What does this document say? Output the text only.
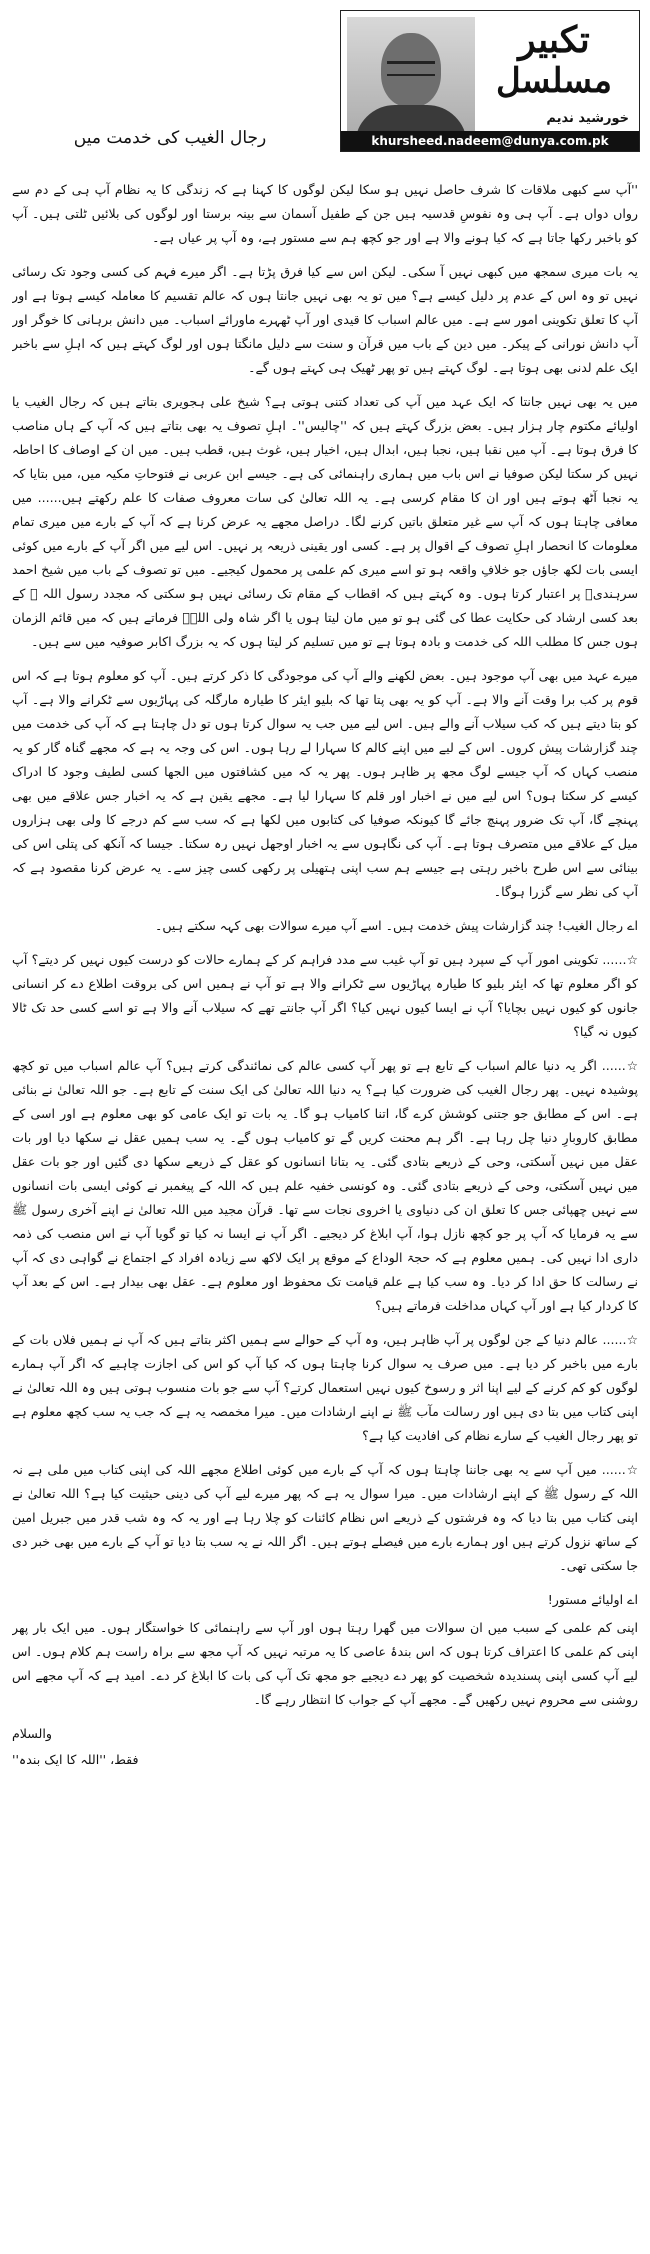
تکبیر
مسلسل
خورشید ندیم
khursheed.nadeem@dunya.com.pk
رجال الغیب کی خدمت میں

''آپ سے کبھی ملاقات کا شرف حاصل نہیں ہو سکا لیکن لوگوں کا کہنا ہے کہ زندگی کا یہ نظام آپ ہی کے دم سے رواں دواں ہے۔ آپ ہی وہ نفوسِ قدسیہ ہیں جن کے طفیل آسمان سے بینہ برستا اور لوگوں کی بلائیں ٹلتی ہیں۔ آپ کو باخبر رکھا جاتا ہے کہ کیا ہونے والا ہے اور جو کچھ ہم سے مستور ہے، وہ آپ پر عیاں ہے۔

یہ بات میری سمجھ میں کبھی نہیں آ سکی۔ لیکن اس سے کیا فرق پڑتا ہے۔ اگر میرے فہم کی کسی وجود تک رسائی نہیں تو وہ اس کے عدم پر دلیل کیسے ہے؟ میں تو یہ بھی نہیں جانتا ہوں کہ عالم تقسیم کا معاملہ کیسے ہوتا ہے اور آپ کا تعلق تکوینی امور سے ہے۔ میں عالم اسباب کا قیدی اور آپ ٹھہرے ماورائے اسباب۔ میں دانش برہانی کا خوگر اور آپ دانش نورانی کے پیکر۔ میں دین کے باب میں قرآن و سنت سے دلیل مانگتا ہوں اور لوگ کہتے ہیں کہ اہلِ سے باخبر ایک علم لدنی بھی ہوتا ہے۔ لوگ کہتے ہیں تو پھر ٹھیک ہی کہتے ہوں گے۔

میں یہ بھی نہیں جانتا کہ ایک عہد میں آپ کی تعداد کتنی ہوتی ہے؟ شیخ علی ہجویری بتاتے ہیں کہ رجال الغیب یا اولیائے مکتوم چار ہزار ہیں۔ بعض بزرگ کہتے ہیں کہ ''چالیس''۔ اہلِ تصوف یہ بھی بتاتے ہیں کہ آپ کے ہاں مناصب کا فرق ہوتا ہے۔ آپ میں نقبا ہیں، نجبا ہیں، ابدال ہیں، اخیار ہیں، غوث ہیں، قطب ہیں۔ میں ان کے اوصاف کا احاطہ نہیں کر سکتا لیکن صوفیا نے اس باب میں ہماری راہنمائی کی ہے۔ جیسے ابن عربی نے فتوحاتِ مکیہ میں، میں بتایا کہ یہ نجبا آٹھ ہوتے ہیں اور ان کا مقام کرسی ہے۔ یہ اللہ تعالیٰ کی سات معروف صفات کا علم رکھتے ہیں...... میں معافی چاہتا ہوں کہ آپ سے غیر متعلق باتیں کرنے لگا۔ دراصل مجھے یہ عرض کرنا ہے کہ آپ کے بارے میں میری تمام معلومات کا انحصار اہلِ تصوف کے اقوال پر ہے۔ کسی اور یقینی ذریعہ پر نہیں۔ اس لیے میں اگر آپ کے بارے میں کوئی ایسی بات لکھ جاؤں جو خلافِ واقعہ ہو تو اسے میری کم علمی پر محمول کیجیے۔ میں تو تصوف کے باب میں شیخ احمد سرہندیؒ پر اعتبار کرتا ہوں۔ وہ کہتے ہیں کہ اقطاب کے مقام تک رسائی نہیں ہو سکتی کہ مجدد رسول اللہ ﷺ کے بعد کسی ارشاد کی حکایت عطا کی گئی ہو تو میں مان لیتا ہوں یا اگر شاہ ولی اللہؒ فرماتے ہیں کہ میں قائم الزمان ہوں جس کا مطلب اللہ کی خدمت و بادہ ہوتا ہے تو میں تسلیم کر لیتا ہوں کہ یہ بزرگ اکابر صوفیہ میں سے ہیں۔

میرے عہد میں بھی آپ موجود ہیں۔ بعض لکھنے والے آپ کی موجودگی کا ذکر کرتے ہیں۔ آپ کو معلوم ہوتا ہے کہ اس قوم پر کب برا وقت آنے والا ہے۔ آپ کو یہ بھی پتا تھا کہ بلیو ایئر کا طیارہ مارگلہ کی پہاڑیوں سے ٹکرانے والا ہے۔ آپ کو بتا دیتے ہیں کہ کب سیلاب آنے والے ہیں۔ اس لیے میں جب یہ سوال کرتا ہوں تو دل چاہتا ہے کہ آپ کی خدمت میں چند گزارشات پیش کروں۔ اس کے لیے میں اپنے کالم کا سہارا لے رہا ہوں۔ اس کی وجہ یہ ہے کہ مجھے گناہ گار کو یہ منصب کہاں کہ آپ جیسے لوگ مجھ پر ظاہر ہوں۔ پھر یہ کہ میں کشافتوں میں الجھا کسی لطیف وجود کا ادراک کیسے کر سکتا ہوں؟ اس لیے میں نے اخبار اور قلم کا سہارا لیا ہے۔ مجھے یقین ہے کہ یہ اخبار جس علاقے میں بھی پہنچے گا، آپ تک ضرور پہنچ جائے گا کیونکہ صوفیا کی کتابوں میں لکھا ہے کہ سب سے کم درجے کا ولی بھی ہزاروں میل کے علاقے میں متصرف ہوتا ہے۔ آپ کی نگاہوں سے یہ اخبار اوجھل نہیں رہ سکتا۔ جیسا کہ آنکھ کی پتلی اس کی بینائی سے اس طرح باخبر رہتی ہے جیسے ہم سب اپنی ہتھیلی پر رکھی کسی چیز سے۔ یہ عرض کرنا مقصود ہے کہ آپ کی نظر سے گزرا ہوگا۔

اے رجال الغیب! چند گزارشات پیش خدمت ہیں۔ اسے آپ میرے سوالات بھی کہہ سکتے ہیں۔

☆...... تکوینی امور آپ کے سپرد ہیں تو آپ غیب سے مدد فراہم کر کے ہمارے حالات کو درست کیوں نہیں کر دیتے؟ آپ کو اگر معلوم تھا کہ ایئر بلیو کا طیارہ پہاڑیوں سے ٹکرانے والا ہے تو آپ نے ہمیں اس کی بروقت اطلاع دے کر انسانی جانوں کو کیوں نہیں بچایا؟ آپ نے ایسا کیوں نہیں کیا؟ اگر آپ جانتے تھے کہ سیلاب آنے والا ہے تو اسے کسی حد تک ٹالا کیوں نہ گیا؟

☆...... اگر یہ دنیا عالم اسباب کے تابع ہے تو پھر آپ کسی عالم کی نمائندگی کرتے ہیں؟ آپ عالم اسباب میں تو کچھ پوشیدہ نہیں۔ پھر رجال الغیب کی ضرورت کیا ہے؟ یہ دنیا اللہ تعالیٰ کی ایک سنت کے تابع ہے۔ جو اللہ تعالیٰ نے بنائی ہے۔ اس کے مطابق جو جتنی کوشش کرے گا، اتنا کامیاب ہو گا۔ یہ بات تو ایک عامی کو بھی معلوم ہے اور اسی کے مطابق کاروبارِ دنیا چل رہا ہے۔ اگر ہم محنت کریں گے تو کامیاب ہوں گے۔ یہ سب ہمیں عقل نے سکھا دیا اور بات عقل میں نہیں آسکتی، وحی کے ذریعے بتادی گئی۔ یہ بتانا انسانوں کو عقل کے ذریعے سکھا دی گئیں اور جو بات عقل میں نہیں آسکتی، وحی کے ذریعے بتادی گئی۔ وہ کونسی خفیہ علم ہیں کہ اللہ کے پیغمبر نے کوئی ایسی بات انسانوں سے نہیں چھپائی جس کا تعلق ان کی دنیاوی یا اخروی نجات سے تھا۔ قرآن مجید میں اللہ تعالیٰ نے اپنے آخری رسول ﷺ سے یہ فرمایا کہ آپ پر جو کچھ نازل ہوا، آپ ابلاغ کر دیجیے۔ اگر آپ نے ایسا نہ کیا تو گویا آپ نے اس منصب کی ذمہ داری ادا نہیں کی۔ ہمیں معلوم ہے کہ حجۃ الوداع کے موقع پر ایک لاکھ سے زیادہ افراد کے اجتماع نے گواہی دی کہ آپ نے رسالت کا حق ادا کر دیا۔ وہ سب کیا ہے علم قیامت تک محفوظ اور معلوم ہے۔ عقل بھی بیدار ہے۔ اس کے بعد آپ کا کردار کیا ہے اور آپ کہاں مداخلت فرماتے ہیں؟

☆...... عالم دنیا کے جن لوگوں پر آپ ظاہر ہیں، وہ آپ کے حوالے سے ہمیں اکثر بتاتے ہیں کہ آپ نے ہمیں فلاں بات کے بارے میں باخبر کر دیا ہے۔ میں صرف یہ سوال کرنا چاہتا ہوں کہ کیا آپ کو اس کی اجازت چاہیے کہ اگر آپ ہمارے لوگوں کو کم کرنے کے لیے اپنا اثر و رسوخ کیوں نہیں استعمال کرتے؟ آپ سے جو بات منسوب ہوتی ہیں وہ اللہ تعالیٰ نے اپنی کتاب میں بتا دی ہیں اور رسالت مآب ﷺ نے اپنے ارشادات میں۔ میرا مخمصہ یہ ہے کہ جب یہ سب کچھ معلوم ہے تو پھر رجال الغیب کے سارے نظام کی افادیت کیا ہے؟

☆...... میں آپ سے یہ بھی جاننا چاہتا ہوں کہ آپ کے بارے میں کوئی اطلاع مجھے اللہ کی اپنی کتاب میں ملی ہے نہ اللہ کے رسول ﷺ کے اپنے ارشادات میں۔ میرا سوال یہ ہے کہ پھر میرے لیے آپ کی دینی حیثیت کیا ہے؟ اللہ تعالیٰ نے اپنی کتاب میں بتا دیا کہ وہ فرشتوں کے ذریعے اس نظام کائنات کو چلا رہا ہے اور یہ کہ وہ شب قدر میں جبریل امین کے ساتھ نزول کرتے ہیں اور ہمارے بارے میں فیصلے ہوتے ہیں۔ اگر اللہ نے یہ سب بتا دیا تو آپ کے بارے میں بھی خبر دی جا سکتی تھی۔

اے اولیائے مستور!

اپنی کم علمی کے سبب میں ان سوالات میں گھرا رہتا ہوں اور آپ سے راہنمائی کا خواستگار ہوں۔ میں ایک بار پھر اپنی کم علمی کا اعتراف کرتا ہوں کہ اس بندۂ عاصی کا یہ مرتبہ نہیں کہ آپ مجھ سے براہ راست ہم کلام ہوں۔ اس لیے آپ کسی اپنی پسندیدہ شخصیت کو پھر دے دیجیے جو مجھ تک آپ کی بات کا ابلاغ کر دے۔ امید ہے کہ آپ مجھے اس روشنی سے محروم نہیں رکھیں گے۔ مجھے آپ کے جواب کا انتظار رہے گا۔

والسلام

فقط، ''اللہ کا ایک بندہ''
